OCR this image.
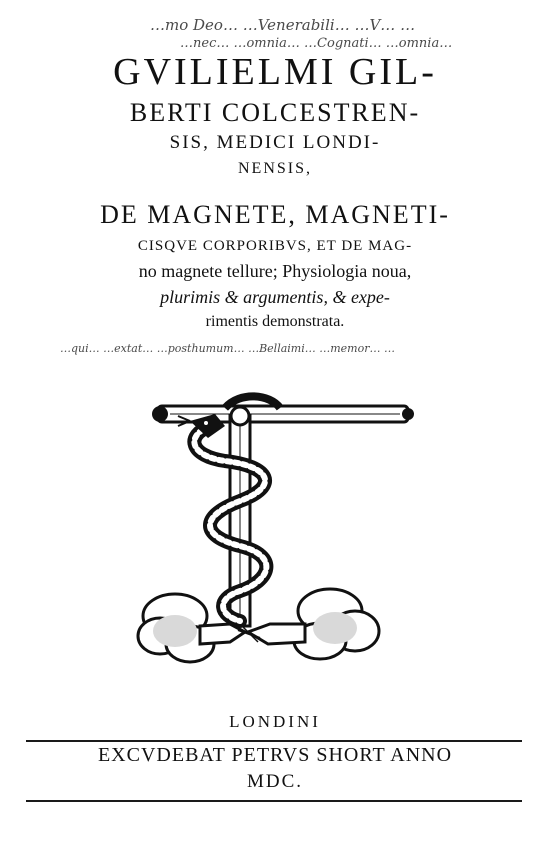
…mo Deo… …Venerabili… …V… …
…nec… …omnia… …Cognati… …omnia…
GVILIELMI GIL-
BERTI COLCESTREN-
SIS, MEDICI LONDI-
NENSIS,
DE MAGNETE, MAGNETI-
CISQVE CORPORIBVS, ET DE MAG-
no magnete tellure; Physiologia noua,
plurimis & argumentis, & expe-
rimentis demonstrata.
…qui… …extat… …posthumum… …Bellaimi… …memor… …
LONDINI
EXCVDEBAT PETRVS SHORT ANNO
MDC.
